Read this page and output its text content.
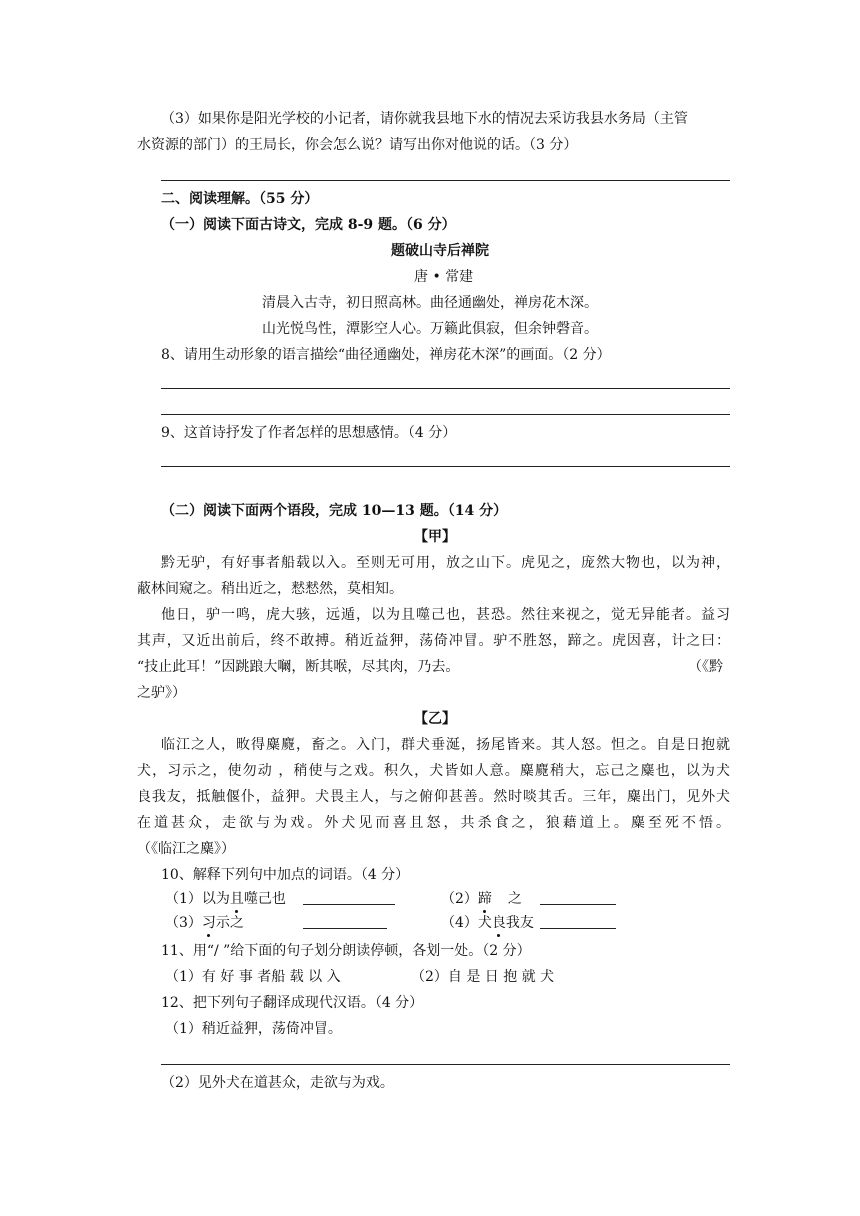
（3）如果你是阳光学校的小记者，请你就我县地下水的情况去采访我县水务局（主管
水资源的部门）的王局长，你会怎么说？请写出你对他说的话。（3 分）
二、阅读理解。（55 分）
（一）阅读下面古诗文，完成 8-9 题。（6 分）
题破山寺后禅院
唐 • 常建
清晨入古寺，初日照高林。曲径通幽处，禅房花木深。
山光悦鸟性，潭影空人心。万籁此俱寂，但余钟磬音。
8、请用生动形象的语言描绘“曲径通幽处，禅房花木深”的画面。（2 分）
9、这首诗抒发了作者怎样的思想感情。（4 分）
（二）阅读下面两个语段，完成 10—13 题。（14 分）
【甲】
黔无驴，有好事者船载以入。至则无可用，放之山下。虎见之，庞然大物也，以为神，
蔽林间窥之。稍出近之，慭慭然，莫相知。
他日，驴一鸣，虎大骇，远遁，以为且噬己也，甚恐。然往来视之，觉无异能者。益习
其声，又近出前后，终不敢搏。稍近益狎，荡倚冲冒。驴不胜怒，蹄之。虎因喜，计之曰：
“技止此耳！”因跳踉大㘎，断其喉，尽其肉，乃去。	（《黔
之驴》）
【乙】
临江之人，畋得麋麑，畜之。入门，群犬垂涎，扬尾皆来。其人怒。怛之。自是日抱就
犬，习示之，使勿动 ，稍使与之戏。积久，犬皆如人意。麋麑稍大，忘己之麋也，以为犬
良我友，抵触偃仆，益狎。犬畏主人，与之俯仰甚善。然时啖其舌。三年，麋出门，见外犬
在道甚众，走欲与为戏。外犬见而喜且怒，共杀食之，狼藉道上。麋至死不悟。
（《临江之麋》）
10、解释下列句中加点的词语。（4 分）
（1）以为且噬己也	（2）蹄 之
（3）习示之	（4）犬良我友
11、用“/ ”给下面的句子划分朗读停顿，各划一处。（2 分）
（1）有 好 事 者船 载 以 入	（2）自 是 日 抱 就 犬
12、把下列句子翻译成现代汉语。（4 分）
（1）稍近益狎，荡倚冲冒。
（2）见外犬在道甚众，走欲与为戏。
